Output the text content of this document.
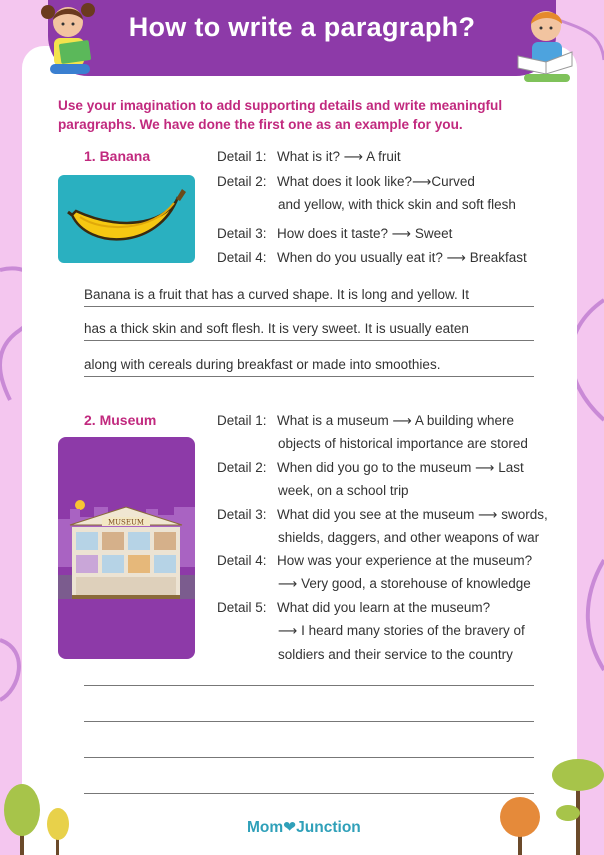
How to write a paragraph?
Use your imagination to add supporting details and write meaningful paragraphs. We have done the first one as an example for you.
1. Banana	Detail 1: What is it? ⟶ A fruit
Detail 2: What does it look like?⟶Curved
and yellow, with thick skin and soft flesh
Detail 3: How does it taste? ⟶ Sweet
Detail 4: When do you usually eat it? ⟶ Breakfast
Banana is a fruit that has a curved shape. It is long and yellow. It
has a thick skin and soft flesh. It is very sweet. It is usually eaten
along with cereals during breakfast or made into smoothies.
2. Museum
MUSEUM
Detail 1: What is a museum ⟶ A building where
objects of historical importance are stored
Detail 2: When did you go to the museum ⟶ Last
week, on a school trip
Detail 3: What did you see at the museum ⟶ swords,
shields, daggers, and other weapons of war
Detail 4: How was your experience at the museum?
⟶ Very good, a storehouse of knowledge
Detail 5: What did you learn at the museum?
⟶ I heard many stories of the bravery of
soldiers and their service to the country
Mom❤Junction
